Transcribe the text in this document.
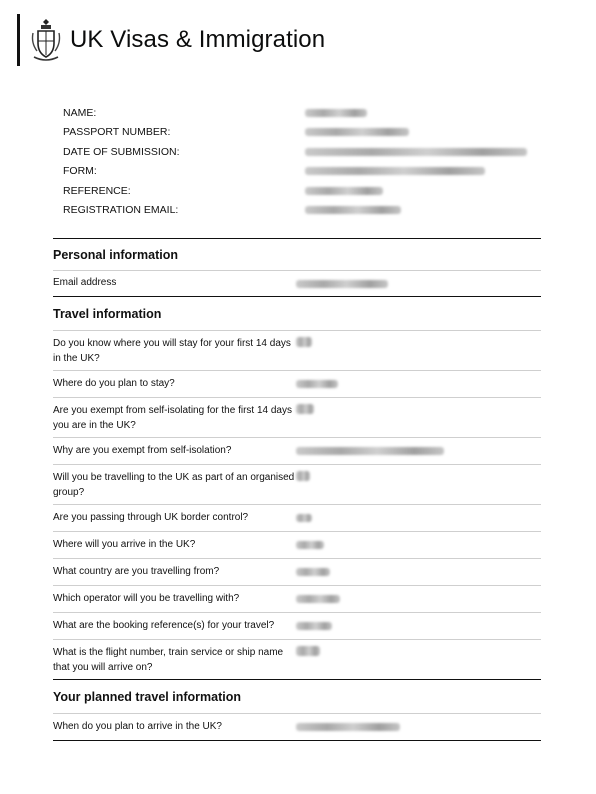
UK Visas & Immigration
NAME:
PASSPORT NUMBER:
DATE OF SUBMISSION:
FORM:
REFERENCE:
REGISTRATION EMAIL:
Personal information
Email address
Travel information
Do you know where you will stay for your first 14 days in the UK?
Where do you plan to stay?
Are you exempt from self-isolating for the first 14 days you are in the UK?
Why are you exempt from self-isolation?
Will you be travelling to the UK as part of an organised group?
Are you passing through UK border control?
Where will you arrive in the UK?
What country are you travelling from?
Which operator will you be travelling with?
What are the booking reference(s) for your travel?
What is the flight number, train service or ship name that you will arrive on?
Your planned travel information
When do you plan to arrive in the UK?
